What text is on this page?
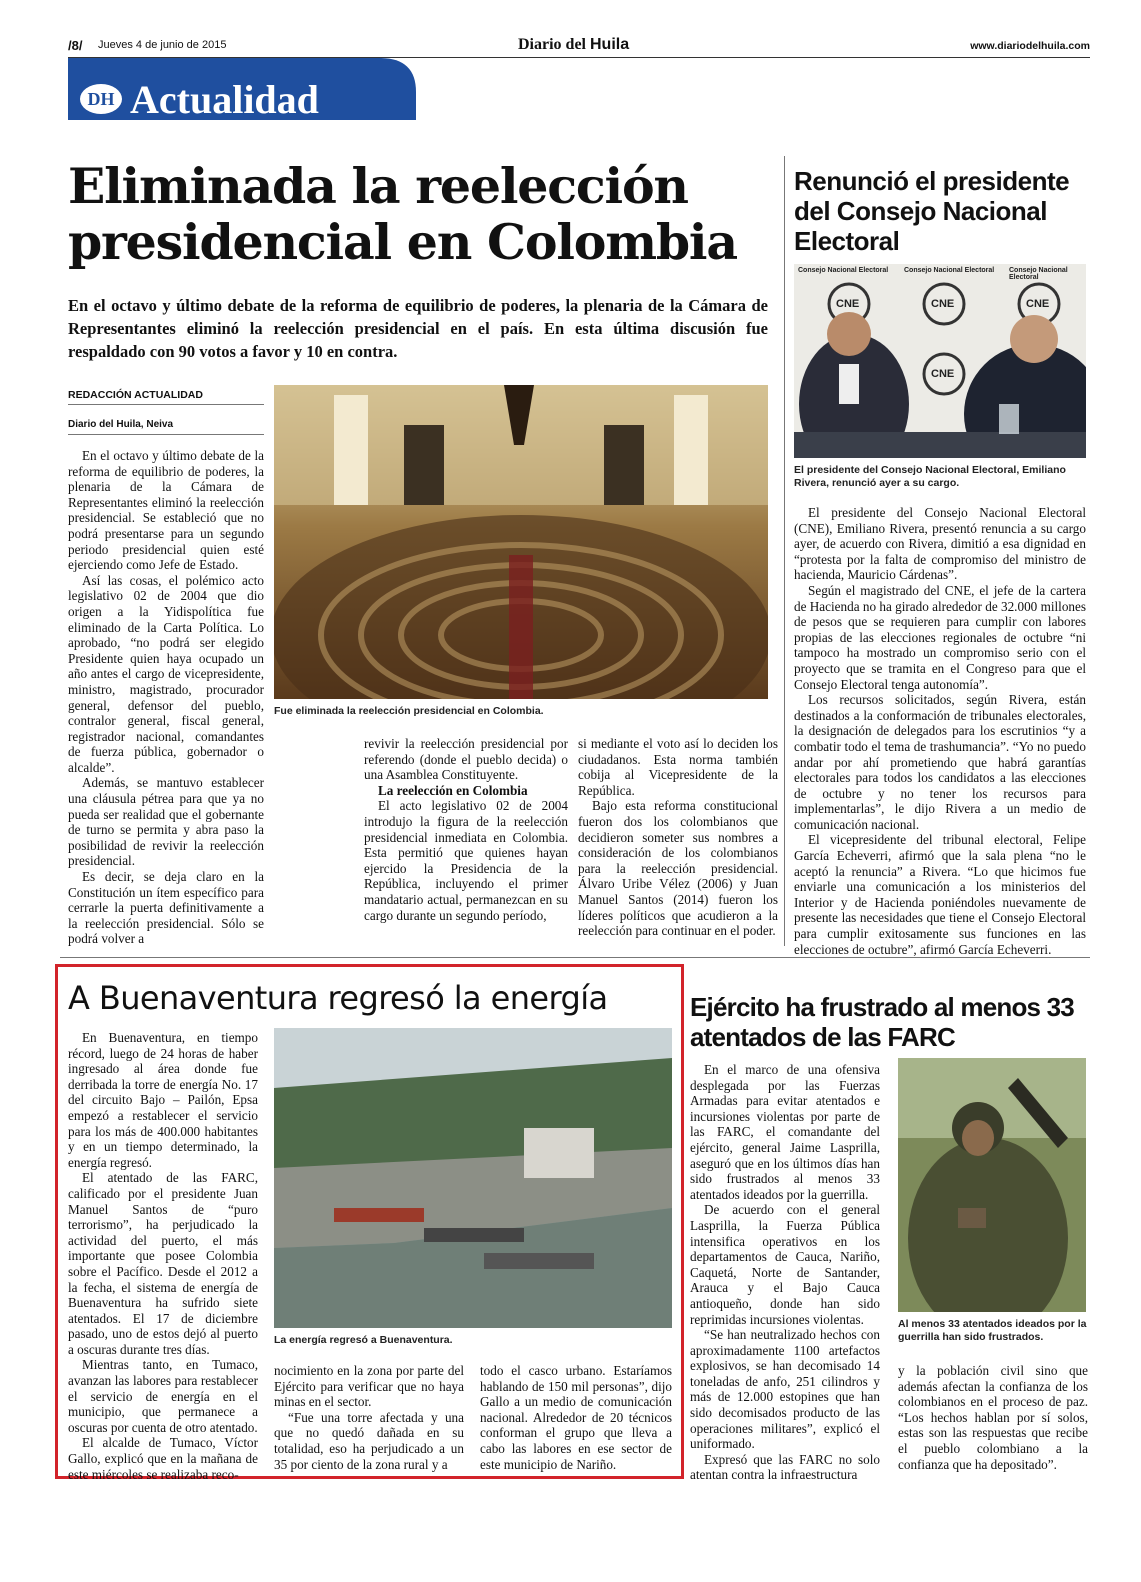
/8/ Jueves 4 de junio de 2015	Diario del Huila	www.diariodelhuila.com
DH Actualidad
Eliminada la reelección
presidencial en Colombia
En el octavo y último debate de la reforma de equilibrio de poderes, la plenaria de la Cámara de Representantes eliminó la reelección presidencial en el país. En esta última discusión fue respaldado con 90 votos a favor y 10 en contra.
REDACCIÓN ACTUALIDAD
Diario del Huila, Neiva
Fue eliminada la reelección presidencial en Colombia.

En el octavo y último debate de la reforma de equilibrio de poderes, la plenaria de la Cámara de Representantes eliminó la reelección presidencial. Se estableció que no podrá presentarse para un segundo periodo presidencial quien esté ejerciendo como Jefe de Estado.

Así las cosas, el polémico acto legislativo 02 de 2004 que dio origen a la Yidispolítica fue eliminado de la Carta Política. Lo aprobado, “no podrá ser elegido Presidente quien haya ocupado un año antes el cargo de vicepresidente, ministro, magistrado, procurador general, defensor del pueblo, contralor general, fiscal general, registrador nacional, comandantes de fuerza pública, gobernador o alcalde”.

Además, se mantuvo establecer una cláusula pétrea para que ya no pueda ser realidad que el gobernante de turno se permita y abra paso la posibilidad de revivir la reelección presidencial.

Es decir, se deja claro en la Constitución un ítem específico para cerrarle la puerta definitivamente a la reelección presidencial. Sólo se podrá volver a

revivir la reelección presidencial por referendo (donde el pueblo decida) o una Asamblea Constituyente.

La reelección en Colombia

El acto legislativo 02 de 2004 introdujo la figura de la reelección presidencial inmediata en Colombia. Esta permitió que quienes hayan ejercido la Presidencia de la República, incluyendo el primer mandatario actual, permanezcan en su cargo durante un segundo período,

si mediante el voto así lo deciden los ciudadanos. Esta norma también cobija al Vicepresidente de la República.

Bajo esta reforma constitucional fueron dos los colombianos que decidieron someter sus nombres a consideración de los colombianos para la reelección presidencial. Álvaro Uribe Vélez (2006) y Juan Manuel Santos (2014) fueron los líderes políticos que acudieron a la reelección para continuar en el poder.

Renunció el presidente del Consejo Nacional Electoral
Consejo Nacional Electoral Consejo Nacional Electoral Consejo Nacional Electoral
CNE	CNE	CNE
CNE
El presidente del Consejo Nacional Electoral, Emiliano Rivera, renunció ayer a su cargo.

El presidente del Consejo Nacional Electoral (CNE), Emiliano Rivera, presentó renuncia a su cargo ayer, de acuerdo con Rivera, dimitió a esa dignidad en “protesta por la falta de compromiso del ministro de hacienda, Mauricio Cárdenas”.

Según el magistrado del CNE, el jefe de la cartera de Hacienda no ha girado alrededor de 32.000 millones de pesos que se requieren para cumplir con labores propias de las elecciones regionales de octubre “ni tampoco ha mostrado un compromiso serio con el proyecto que se tramita en el Congreso para que el Consejo Electoral tenga autonomía”.

Los recursos solicitados, según Rivera, están destinados a la conformación de tribunales electorales, la designación de delegados para los escrutinios “y a combatir todo el tema de trashumancia”. “Yo no puedo andar por ahí prometiendo que habrá garantías electorales para todos los candidatos a las elecciones de octubre y no tener los recursos para implementarlas”, le dijo Rivera a un medio de comunicación nacional.

El vicepresidente del tribunal electoral, Felipe García Echeverri, afirmó que la sala plena “no le aceptó la renuncia” a Rivera. “Lo que hicimos fue enviarle una comunicación a los ministerios del Interior y de Hacienda poniéndoles nuevamente de presente las necesidades que tiene el Consejo Electoral para cumplir exitosamente sus funciones en las elecciones de octubre”, afirmó García Echeverri.

A Buenaventura regresó la energía
La energía regresó a Buenaventura.

En Buenaventura, en tiempo récord, luego de 24 horas de haber ingresado al área donde fue derribada la torre de energía No. 17 del circuito Bajo – Pailón, Epsa empezó a restablecer el servicio para los más de 400.000 habitantes y en un tiempo determinado, la energía regresó.

El atentado de las FARC, calificado por el presidente Juan Manuel Santos de “puro terrorismo”, ha perjudicado la actividad del puerto, el más importante que posee Colombia sobre el Pacífico. Desde el 2012 a la fecha, el sistema de energía de Buenaventura ha sufrido siete atentados. El 17 de diciembre pasado, uno de estos dejó al puerto a oscuras durante tres días.

Mientras tanto, en Tumaco, avanzan las labores para restablecer el servicio de energía en el municipio, que permanece a oscuras por cuenta de otro atentado.

El alcalde de Tumaco, Víctor Gallo, explicó que en la mañana de este miércoles se realizaba reco-

nocimiento en la zona por parte del Ejército para verificar que no haya minas en el sector.

“Fue una torre afectada y una que no quedó dañada en su totalidad, eso ha perjudicado a un 35 por ciento de la zona rural y a

todo el casco urbano. Estaríamos hablando de 150 mil personas”, dijo Gallo a un medio de comunicación nacional. Alrededor de 20 técnicos conforman el grupo que lleva a cabo las labores en ese sector de este municipio de Nariño.

Ejército ha frustrado al menos 33 atentados de las FARC

En el marco de una ofensiva desplegada por las Fuerzas Armadas para evitar atentados e incursiones violentas por parte de las FARC, el comandante del ejército, general Jaime Lasprilla, aseguró que en los últimos días han sido frustrados al menos 33 atentados ideados por la guerrilla.

De acuerdo con el general Lasprilla, la Fuerza Pública intensifica operativos en los departamentos de Cauca, Nariño, Caquetá, Norte de Santander, Arauca y el Bajo Cauca antioqueño, donde han sido reprimidas incursiones violentas.

“Se han neutralizado hechos con aproximadamente 1100 artefactos explosivos, se han decomisado 14 toneladas de anfo, 251 cilindros y más de 12.000 estopines que han sido decomisados producto de las operaciones militares”, explicó el uniformado.

Expresó que las FARC no solo atentan contra la infraestructura

Al menos 33 atentados ideados por la guerrilla han sido frustrados.

y la población civil sino que además afectan la confianza de los colombianos en el proceso de paz. “Los hechos hablan por sí solos, estas son las respuestas que recibe el pueblo colombiano a la confianza que ha depositado”.
